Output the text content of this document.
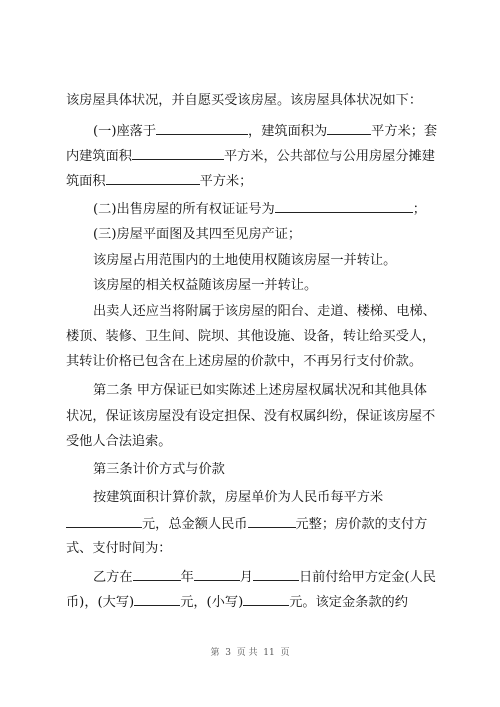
该房屋具体状况，并自愿买受该房屋。该房屋具体状况如下：
(一)座落于	，建筑面积为	平方米；套
内建筑面积	平方米，公共部位与公用房屋分摊建
筑面积	平方米；
(二)出售房屋的所有权证证号为	；
(三)房屋平面图及其四至见房产证；
该房屋占用范围内的土地使用权随该房屋一并转让。
该房屋的相关权益随该房屋一并转让。
出卖人还应当将附属于该房屋的阳台、走道、楼梯、电梯、
楼顶、装修、卫生间、院坝、其他设施、设备，转让给买受人，
其转让价格已包含在上述房屋的价款中，不再另行支付价款。
第二条 甲方保证已如实陈述上述房屋权属状况和其他具体
状况，保证该房屋没有设定担保、没有权属纠纷，保证该房屋不
受他人合法追索。
第三条计价方式与价款
按建筑面积计算价款，房屋单价为人民币每平方米
元，总金额人民币	元整；房价款的支付方
式、支付时间为：
乙方在	年	月	日前付给甲方定金(人民
币)，(大写)	元，(小写)	元。该定金条款的约
第  3  页 共  11  页
